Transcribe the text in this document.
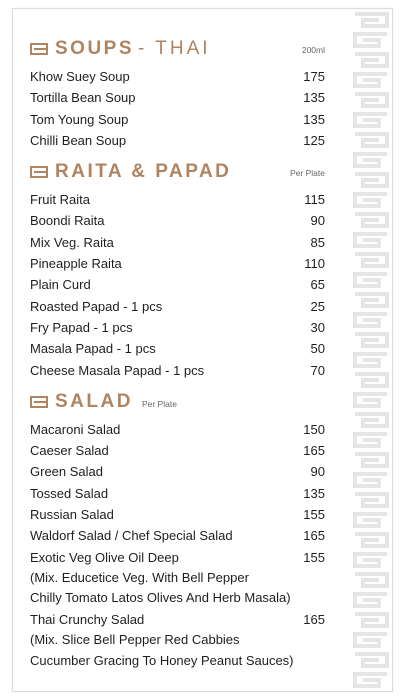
SOUPS - THAI	200ml
Khow Suey Soup	175
Tortilla Bean Soup	135
Tom Young Soup	135
Chilli Bean Soup	125
RAITA & PAPAD	Per Plate
Fruit Raita	115
Boondi Raita	90
Mix Veg. Raita	85
Pineapple Raita	110
Plain Curd	65
Roasted Papad - 1 pcs	25
Fry Papad - 1 pcs	30
Masala Papad - 1 pcs	50
Cheese Masala Papad - 1 pcs	70
SALAD Per Plate
Macaroni Salad	150
Caeser Salad	165
Green Salad	90
Tossed Salad	135
Russian Salad	155
Waldorf Salad / Chef Special Salad	165
Exotic Veg Olive Oil Deep	155
(Mix. Educetice Veg. With Bell Pepper
Chilly Tomato Latos Olives And Herb Masala)
Thai Crunchy Salad	165
(Mix. Slice Bell Pepper Red Cabbies
Cucumber Gracing To Honey Peanut Sauces)
